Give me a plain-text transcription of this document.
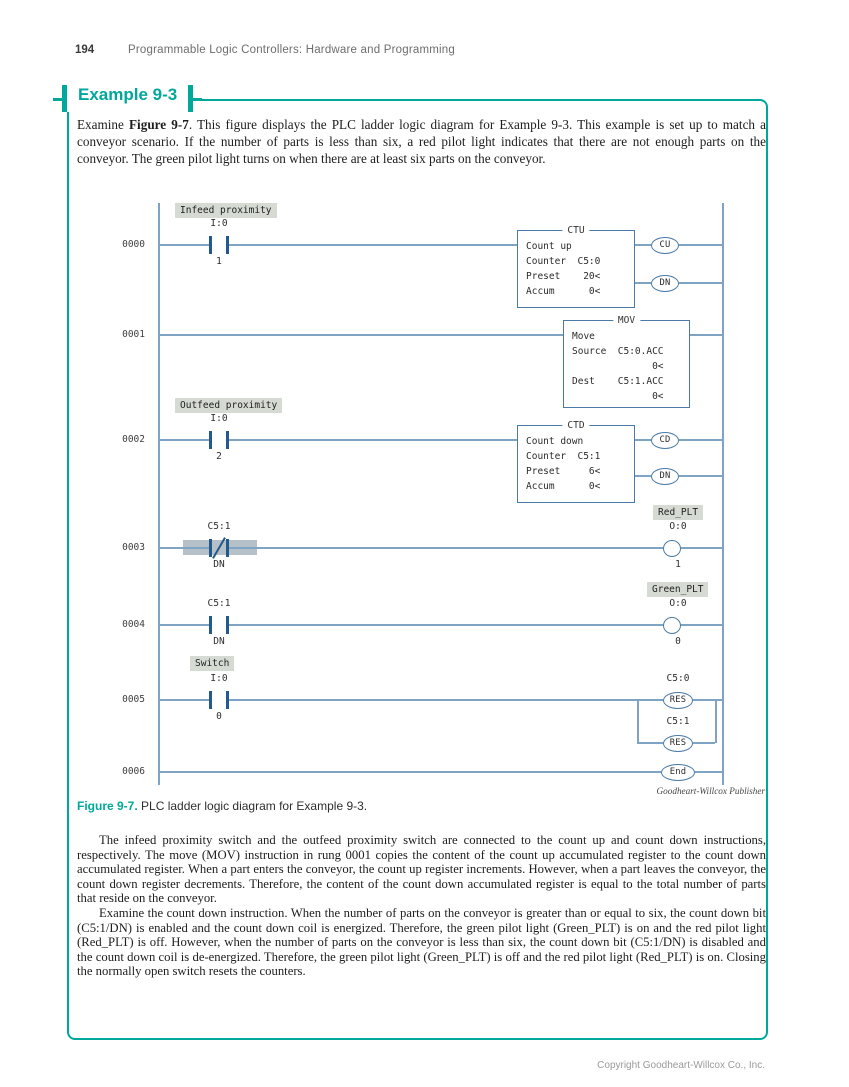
194	Programmable Logic Controllers: Hardware and Programming
Example 9-3
Examine Figure 9-7. This figure displays the PLC ladder logic diagram for Example 9-3. This example is set up to match a conveyor scenario. If the number of parts is less than six, a red pilot light indicates that there are not enough parts on the conveyor. The green pilot light turns on when there are at least six parts on the conveyor.
0000
Infeed proximity
I:0
1
CTU
Count up
Counter  C5:0
Preset    20<
Accum      0<
CU
DN
0001
MOV
Move
Source  C5:0.ACC
0<
Dest    C5:1.ACC
0<
0002
Outfeed proximity
I:0
2
CTD
Count down
Counter  C5:1
Preset     6<
Accum      0<
CD
DN
0003
C5:1
DN
Red_PLT
O:0
1
0004
C5:1
DN
Green_PLT
O:0
0
0005
Switch
I:0
0
C5:0
RES
C5:1
RES
0006	End
Goodheart-Willcox Publisher
Figure 9-7. PLC ladder logic diagram for Example 9-3.

The infeed proximity switch and the outfeed proximity switch are connected to the count up and count down instructions, respectively. The move (MOV) instruction in rung 0001 copies the content of the count up accumulated register to the count down accumulated register. When a part enters the conveyor, the count up register increments. However, when a part leaves the conveyor, the count down register decrements. Therefore, the content of the count down accumulated register is equal to the total number of parts that reside on the conveyor.

Examine the count down instruction. When the number of parts on the conveyor is greater than or equal to six, the count down bit (C5:1/DN) is enabled and the count down coil is energized. Therefore, the green pilot light (Green_PLT) is on and the red pilot light (Red_PLT) is off. However, when the number of parts on the conveyor is less than six, the count down bit (C5:1/DN) is disabled and the count down coil is de-energized. Therefore, the green pilot light (Green_PLT) is off and the red pilot light (Red_PLT) is on. Closing the normally open switch resets the counters.

Copyright Goodheart-Willcox Co., Inc.
